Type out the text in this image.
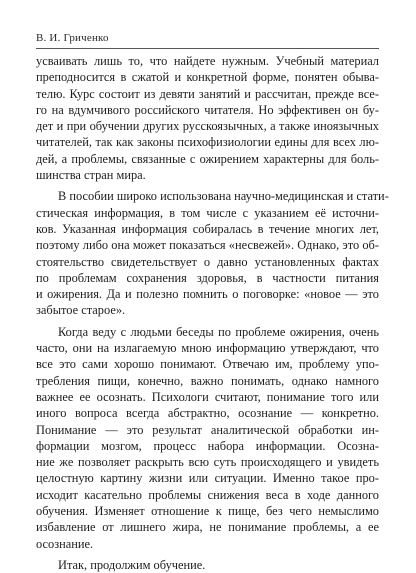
В. И. Гриченко
усваивать лишь то, что найдете нужным. Учебный материал
преподносится в сжатой и конкретной форме, понятен обыва-
телю. Курс состоит из девяти занятий и рассчитан, прежде все-
го на вдумчивого российского читателя. Но эффективен он бу-
дет и при обучении других русскоязычных, а также иноязычных
читателей, так как законы психофизиологии едины для всех лю-
дей, а проблемы, связанные с ожирением характерны для боль-
шинства стран мира.
В пособии широко использована научно-медицинская и стати-
стическая информация, в том числе с указанием её источни-
ков. Указанная информация собиралась в течение многих лет,
поэтому либо она может показаться «несвежей». Однако, это об-
стоятельство свидетельствует о давно установленных фактах
по проблемам сохранения здоровья, в частности питания
и ожирения. Да и полезно помнить о поговорке: «новое — это
забытое старое».
Когда веду с людьми беседы по проблеме ожирения, очень
часто, они на излагаемую мною информацию утверждают, что
все это сами хорошо понимают. Отвечаю им, проблему упо-
требления пищи, конечно, важно понимать, однако намного
важнее ее осознать. Психологи считают, понимание того или
иного вопроса всегда абстрактно, осознание — конкретно.
Понимание — это результат аналитической обработки ин-
формации мозгом, процесс набора информации. Осозна-
ние же позволяет раскрыть всю суть происходящего и увидеть
целостную картину жизни или ситуации. Именно такое про-
исходит касательно проблемы снижения веса в ходе данного
обучения. Изменяет отношение к пище, без чего немыслимо
избавление от лишнего жира, не понимание проблемы, а ее
осознание.
Итак, продолжим обучение.
